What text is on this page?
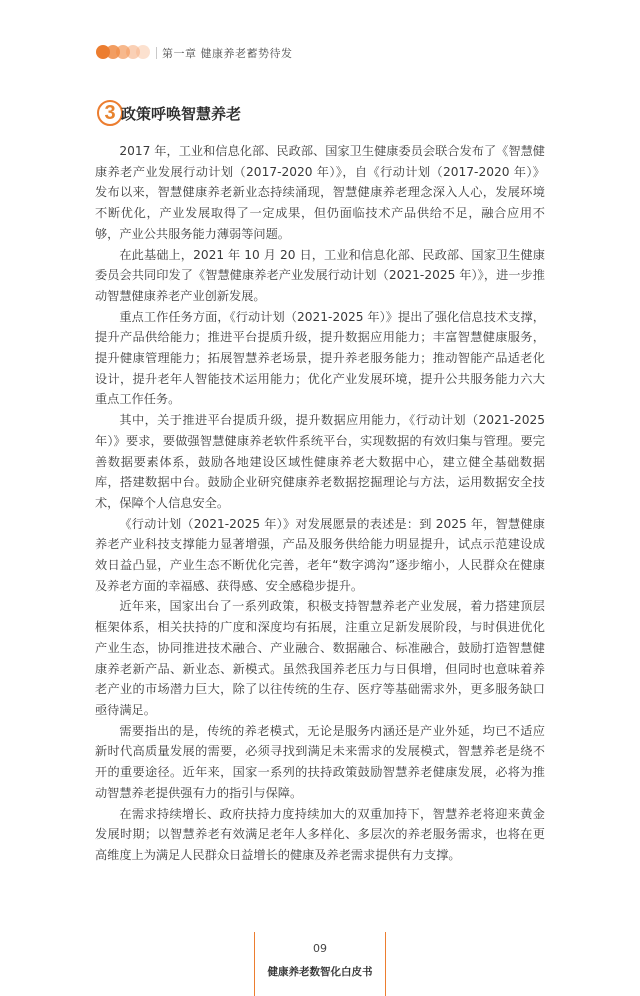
第一章 健康养老蓄势待发
3 政策呼唤智慧养老

2017 年，工业和信息化部、民政部、国家卫生健康委员会联合发布了《智慧健康养老产业发展行动计划（2017-2020 年）》，自《行动计划（2017-2020 年）》发布以来，智慧健康养老新业态持续涌现，智慧健康养老理念深入人心，发展环境不断优化，产业发展取得了一定成果，但仍面临技术产品供给不足，融合应用不够，产业公共服务能力薄弱等问题。

在此基础上，2021 年 10 月 20 日，工业和信息化部、民政部、国家卫生健康委员会共同印发了《智慧健康养老产业发展行动计划（2021-2025 年）》，进一步推动智慧健康养老产业创新发展。

重点工作任务方面，《行动计划（2021-2025 年）》提出了强化信息技术支撑，提升产品供给能力；推进平台提质升级，提升数据应用能力；丰富智慧健康服务，提升健康管理能力；拓展智慧养老场景，提升养老服务能力；推动智能产品适老化设计，提升老年人智能技术运用能力；优化产业发展环境，提升公共服务能力六大重点工作任务。

其中，关于推进平台提质升级，提升数据应用能力，《行动计划（2021-2025 年）》要求，要做强智慧健康养老软件系统平台，实现数据的有效归集与管理。要完善数据要素体系，鼓励各地建设区域性健康养老大数据中心，建立健全基础数据库，搭建数据中台。鼓励企业研究健康养老数据挖掘理论与方法，运用数据安全技术，保障个人信息安全。

《行动计划（2021-2025 年）》对发展愿景的表述是：到 2025 年，智慧健康养老产业科技支撑能力显著增强，产品及服务供给能力明显提升，试点示范建设成效日益凸显，产业生态不断优化完善，老年“数字鸿沟”逐步缩小，人民群众在健康及养老方面的幸福感、获得感、安全感稳步提升。

近年来，国家出台了一系列政策，积极支持智慧养老产业发展，着力搭建顶层框架体系，相关扶持的广度和深度均有拓展，注重立足新发展阶段，与时俱进优化产业生态，协同推进技术融合、产业融合、数据融合、标准融合，鼓励打造智慧健康养老新产品、新业态、新模式。虽然我国养老压力与日俱增，但同时也意味着养老产业的市场潜力巨大，除了以往传统的生存、医疗等基础需求外，更多服务缺口亟待满足。

需要指出的是，传统的养老模式，无论是服务内涵还是产业外延，均已不适应新时代高质量发展的需要，必须寻找到满足未来需求的发展模式，智慧养老是绕不开的重要途径。近年来，国家一系列的扶持政策鼓励智慧养老健康发展，必将为推动智慧养老提供强有力的指引与保障。

在需求持续增长、政府扶持力度持续加大的双重加持下，智慧养老将迎来黄金发展时期；以智慧养老有效满足老年人多样化、多层次的养老服务需求，也将在更高维度上为满足人民群众日益增长的健康及养老需求提供有力支撑。

09
健康养老数智化白皮书
